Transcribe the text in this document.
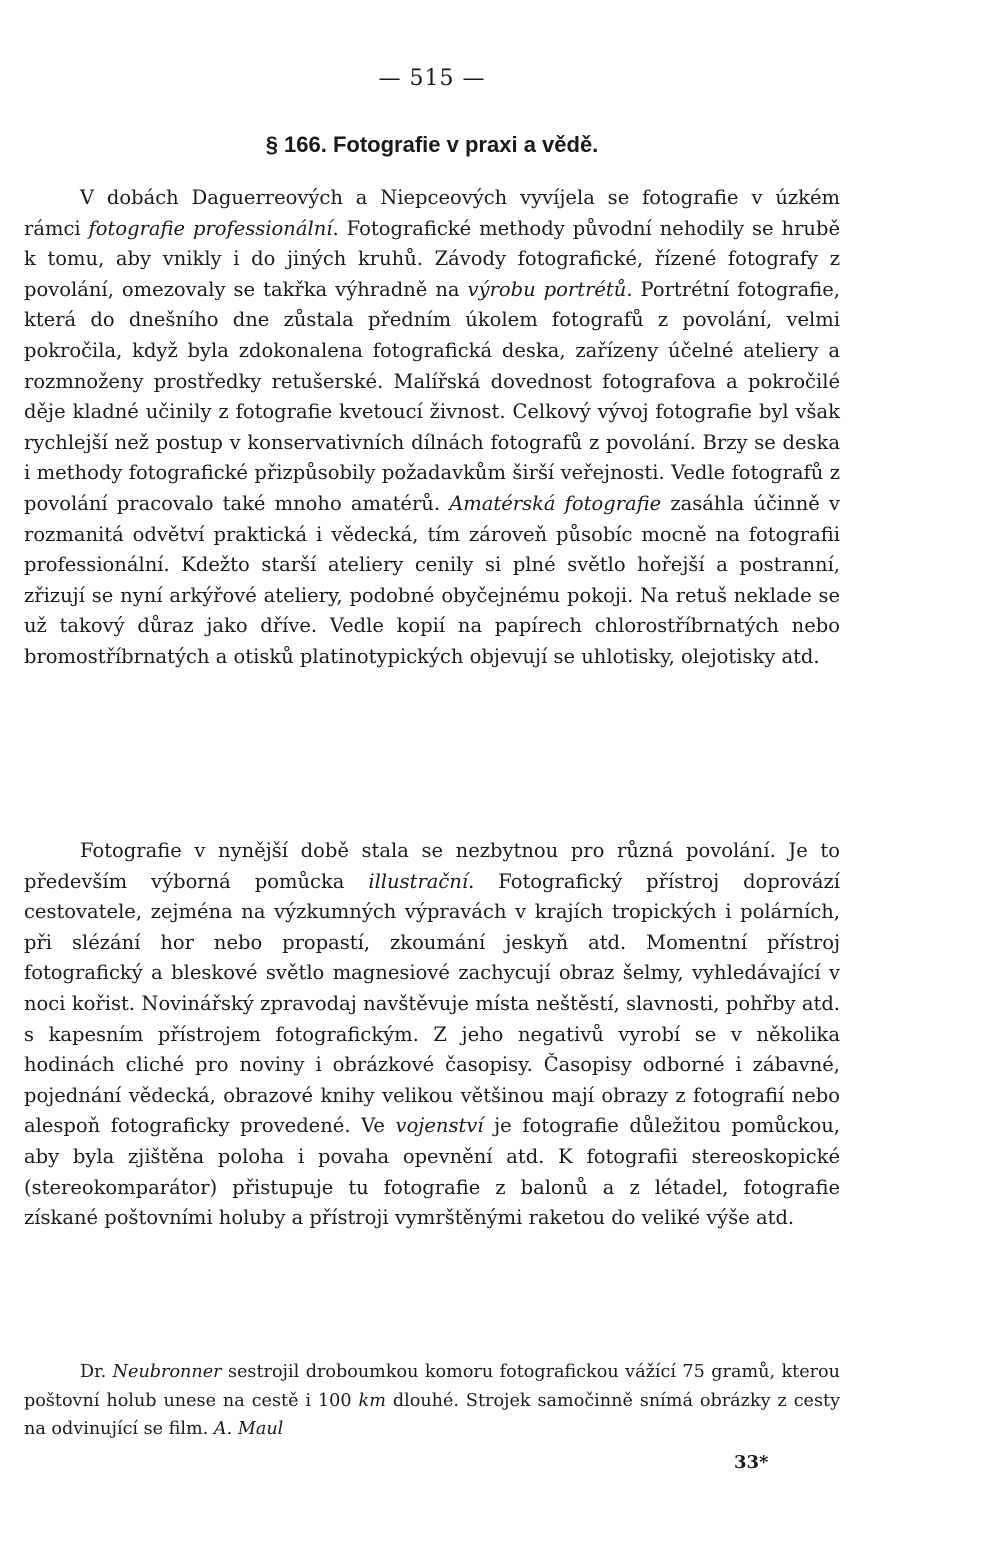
— 515 —
§ 166. Fotografie v praxi a vědě.

V dobách Daguerreových a Niepceových vyvíjela se fotografie v úzkém rámci fotografie professionální. Fotografické methody původní nehodily se hrubě k tomu, aby vnikly i do jiných kruhů. Závody fotografické, řízené fotografy z povolání, omezovaly se takřka výhradně na výrobu portrétů. Portrétní fotografie, která do dnešního dne zůstala předním úkolem fotografů z povolání, velmi pokročila, když byla zdokonalena fotografická deska, zařízeny účelné ateliery a rozmnoženy prostředky retušerské. Malířská dovednost fotografova a pokročilé děje kladné učinily z fotografie kvetoucí živnost. Celkový vývoj fotografie byl však rychlejší než postup v konservativních dílnách fotografů z povolání. Brzy se deska i methody fotografické přizpůsobily požadavkům širší veřejnosti. Vedle fotografů z povolání pracovalo také mnoho amatérů. Amatérská fotografie zasáhla účinně v rozmanitá odvětví praktická i vědecká, tím zároveň působíc mocně na fotografii professionální. Kdežto starší ateliery cenily si plné světlo hořejší a postranní, zřizují se nyní arkýřové ateliery, podobné obyčejnému pokoji. Na retuš neklade se už takový důraz jako dříve. Vedle kopií na papírech chlorostříbrnatých nebo bromostříbrnatých a otisků platinotypických objevují se uhlotisky, olejotisky atd.

Fotografie v nynější době stala se nezbytnou pro různá povolání. Je to především výborná pomůcka illustrační. Fotografický přístroj doprovází cestovatele, zejména na výzkumných výpravách v krajích tropických i polárních, při slézání hor nebo propastí, zkoumání jeskyň atd. Momentní přístroj fotografický a bleskové světlo magnesiové zachycují obraz šelmy, vyhledávající v noci kořist. Novinářský zpravodaj navštěvuje místa neštěstí, slavnosti, pohřby atd. s kapesním přístrojem fotografickým. Z jeho negativů vyrobí se v několika hodinách cliché pro noviny i obrázkové časopisy. Časopisy odborné i zábavné, pojednání vědecká, obrazové knihy velikou většinou mají obrazy z fotografií nebo alespoň fotograficky provedené. Ve vojenství je fotografie důležitou pomůckou, aby byla zjištěna poloha i povaha opevnění atd. K fotografii stereoskopické (stereokomparátor) přistupuje tu fotografie z balonů a z létadel, fotografie získané poštovními holuby a přístroji vymrštěnými raketou do veliké výše atd.

Dr. Neubronner sestrojil droboumkou komoru fotografickou vážící 75 gramů, kterou poštovní holub unese na cestě i 100 km dlouhé. Strojek samočinně snímá obrázky z cesty na odvinující se film. A. Maul

33*
